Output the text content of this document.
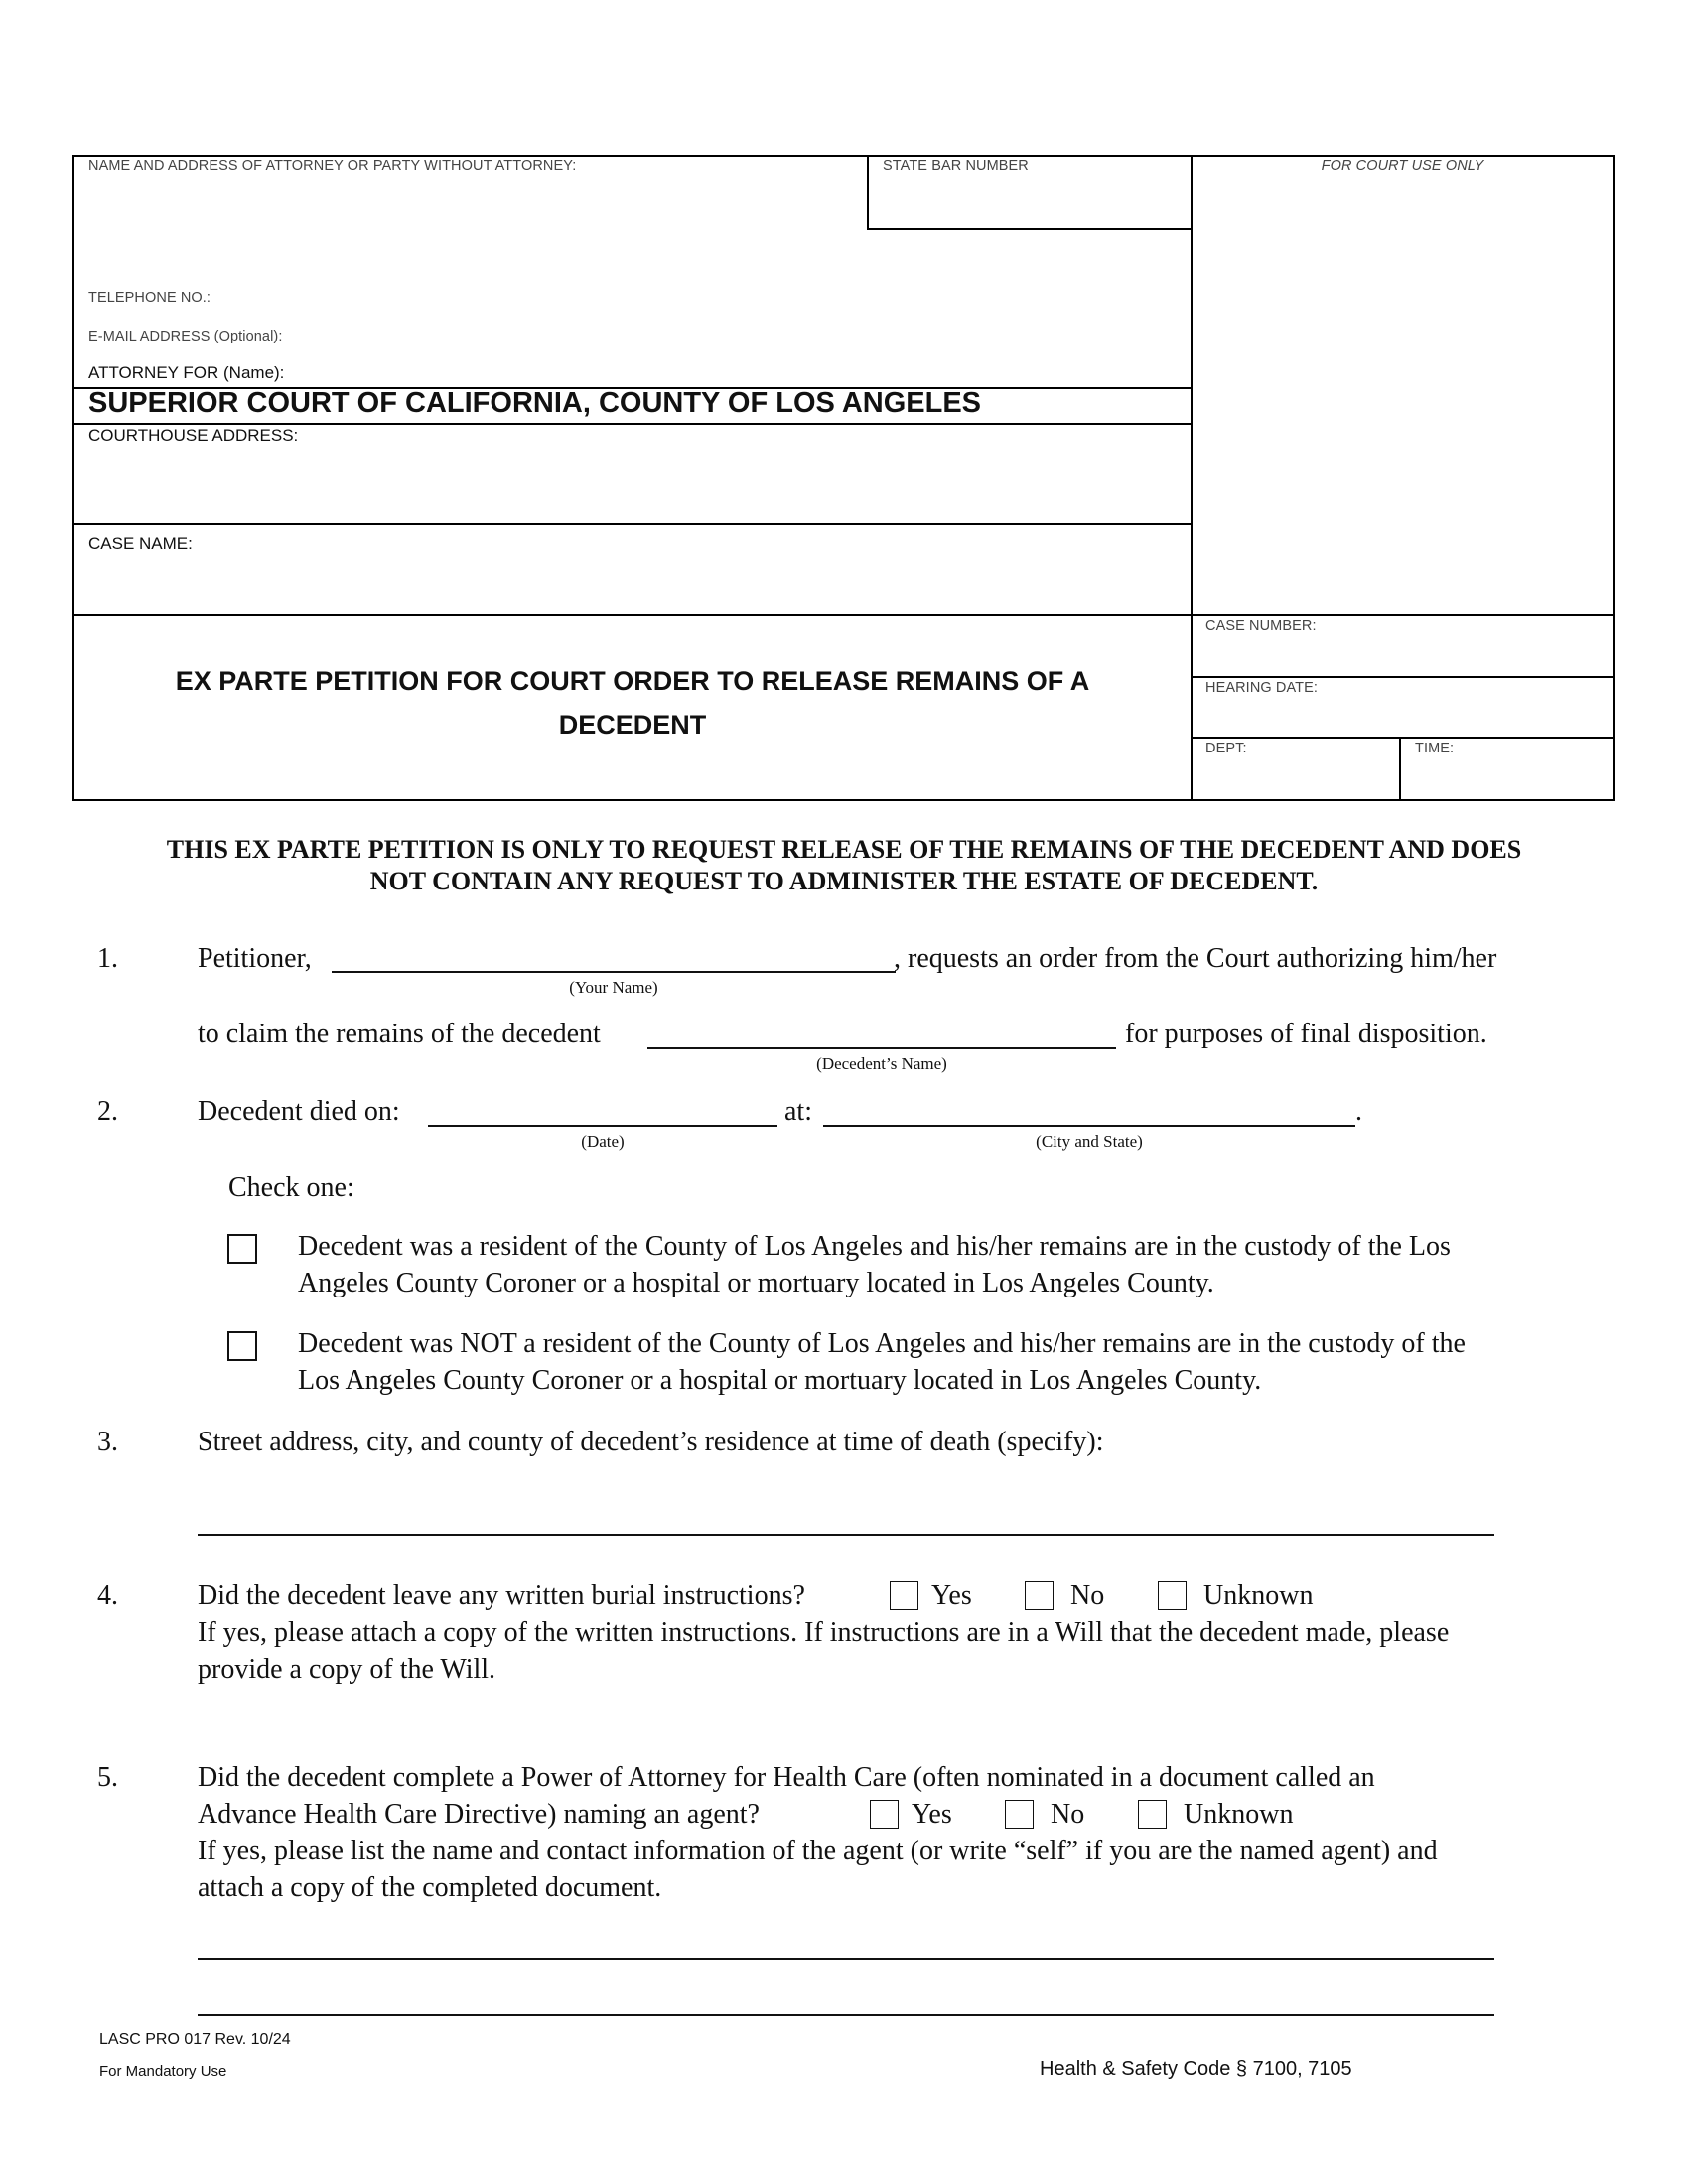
NAME AND ADDRESS OF ATTORNEY OR PARTY WITHOUT ATTORNEY:	STATE BAR NUMBER	FOR COURT USE ONLY
TELEPHONE NO.:
E-MAIL ADDRESS (Optional):
ATTORNEY FOR (Name):
SUPERIOR COURT OF CALIFORNIA, COUNTY OF LOS ANGELES
COURTHOUSE ADDRESS:
CASE NAME:
EX PARTE PETITION FOR COURT ORDER TO RELEASE REMAINS OF A
DECEDENT
CASE NUMBER:
HEARING DATE:
DEPT:	TIME:
THIS EX PARTE PETITION IS ONLY TO REQUEST RELEASE OF THE REMAINS OF THE DECEDENT AND DOES
NOT CONTAIN ANY REQUEST TO ADMINISTER THE ESTATE OF DECEDENT.
1.	Petitioner,	, requests an order from the Court authorizing him/her
(Your Name)
to claim the remains of the decedent	for purposes of final disposition.
(Decedent’s Name)
2.	Decedent died on:	at:	.
(Date)	(City and State)
Check one:
Decedent was a resident of the County of Los Angeles and his/her remains are in the custody of the Los
Angeles County Coroner or a hospital or mortuary located in Los Angeles County.
Decedent was NOT a resident of the County of Los Angeles and his/her remains are in the custody of the
Los Angeles County Coroner or a hospital or mortuary located in Los Angeles County.
3.	Street address, city, and county of decedent’s residence at time of death (specify):
4.	Did the decedent leave any written burial instructions?	Yes	No	Unknown
If yes, please attach a copy of the written instructions. If instructions are in a Will that the decedent made, please
provide a copy of the Will.
5.	Did the decedent complete a Power of Attorney for Health Care (often nominated in a document called an
Advance Health Care Directive) naming an agent?	Yes	No	Unknown
If yes, please list the name and contact information of the agent (or write “self” if you are the named agent) and
attach a copy of the completed document.
LASC PRO 017 Rev. 10/24
For Mandatory Use	Health & Safety Code § 7100, 7105
